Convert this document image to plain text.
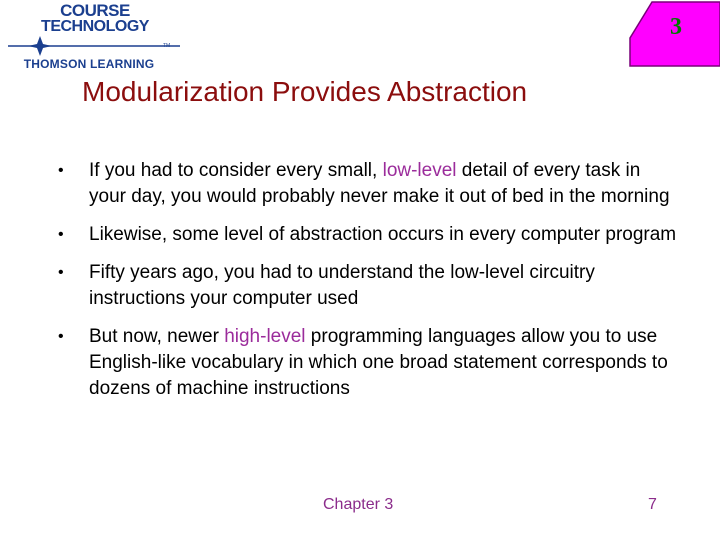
COURSE
TECHNOLOGY
TM
THOMSON LEARNING
3
Modularization Provides Abstraction
• If you had to consider every small, low-level detail of every task in your day, you would probably never make it out of bed in the morning
• Likewise, some level of abstraction occurs in every computer program
• Fifty years ago, you had to understand the low-level circuitry instructions your computer used
• But now, newer high-level programming languages allow you to use English-like vocabulary in which one broad statement corresponds to dozens of machine instructions
Chapter 3	7
